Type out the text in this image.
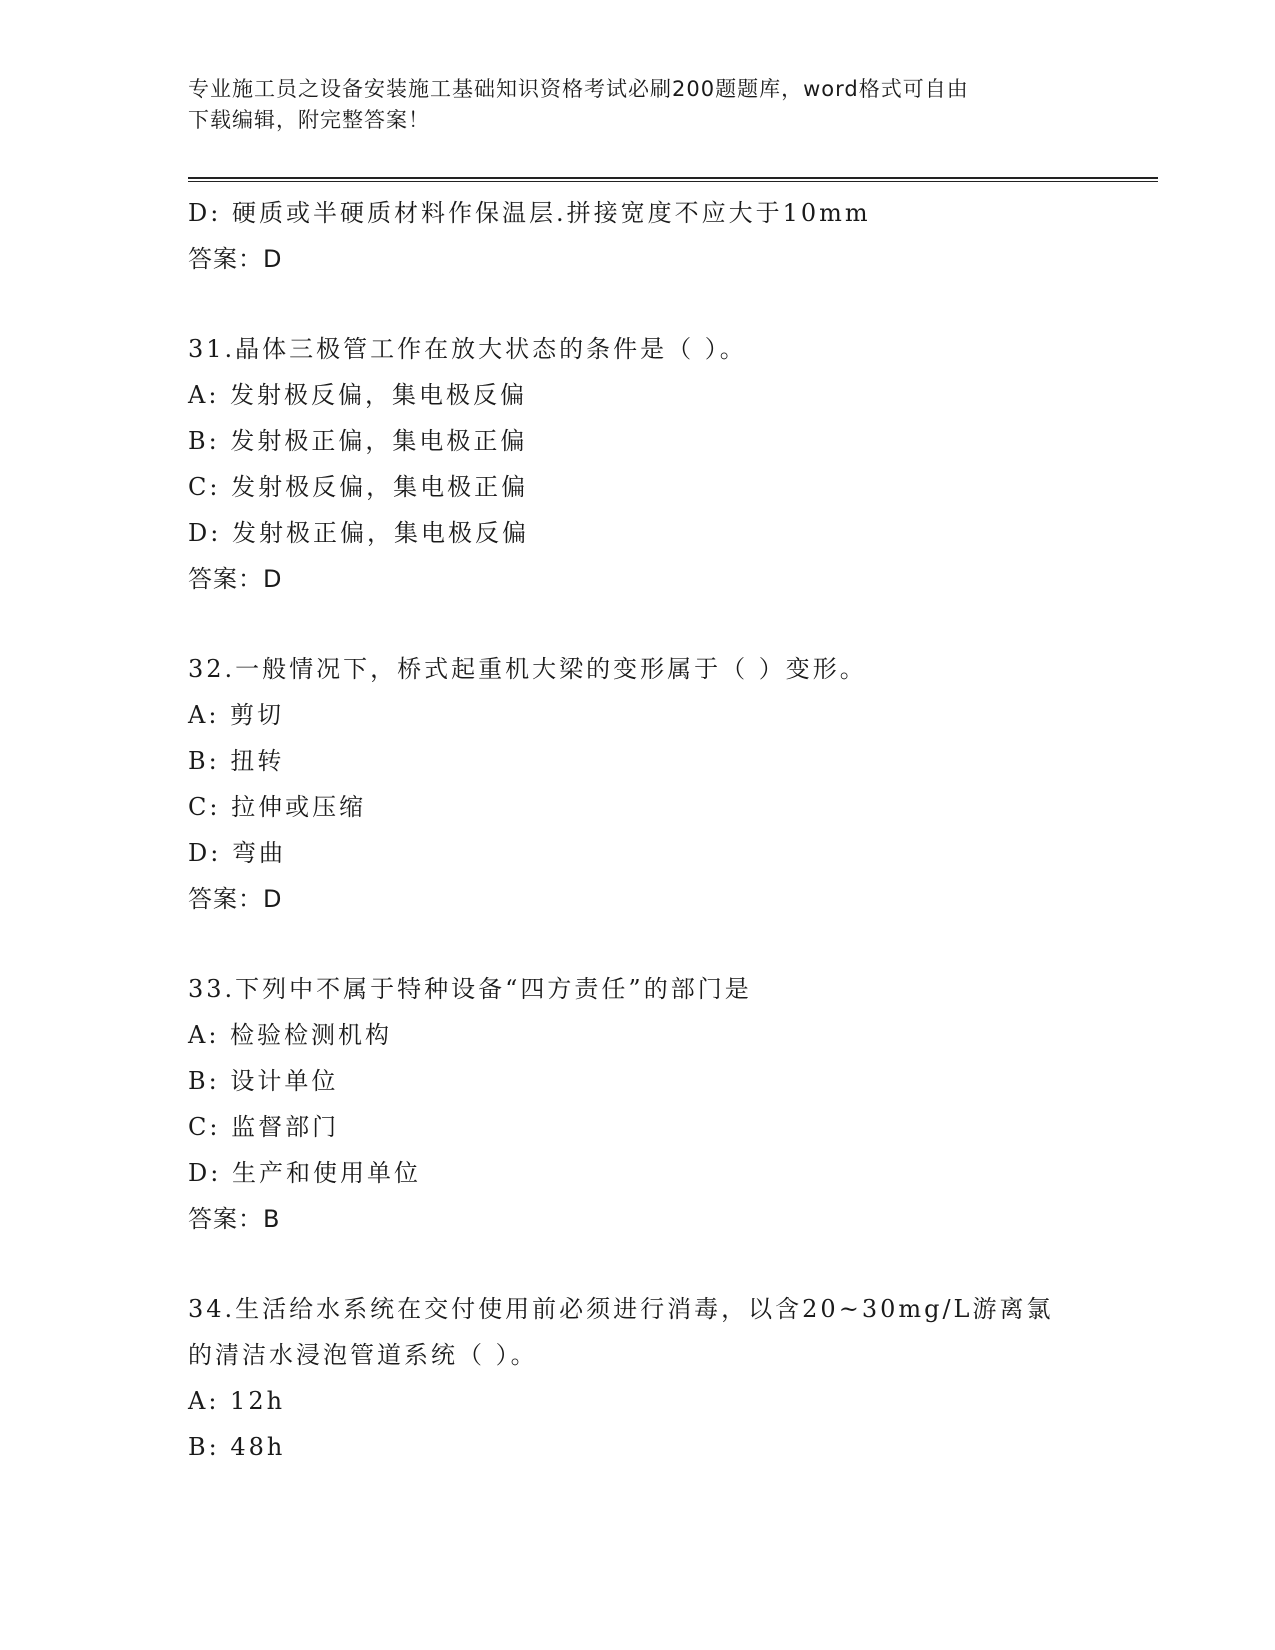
专业施工员之设备安装施工基础知识资格考试必刷200题题库，word格式可自由
下载编辑，附完整答案！
D: 硬质或半硬质材料作保温层.拼接宽度不应大于10mm
答案：D
31.晶体三极管工作在放大状态的条件是（ ）。
A: 发射极反偏，集电极反偏
B: 发射极正偏，集电极正偏
C: 发射极反偏，集电极正偏
D: 发射极正偏，集电极反偏
答案：D
32.一般情况下，桥式起重机大梁的变形属于（ ）变形。
A: 剪切
B: 扭转
C: 拉伸或压缩
D: 弯曲
答案：D
33.下列中不属于特种设备“四方责任”的部门是
A: 检验检测机构
B: 设计单位
C: 监督部门
D: 生产和使用单位
答案：B
34.生活给水系统在交付使用前必须进行消毒，以含20~30mg/L游离氯
的清洁水浸泡管道系统（ ）。
A: 12h
B: 48h
